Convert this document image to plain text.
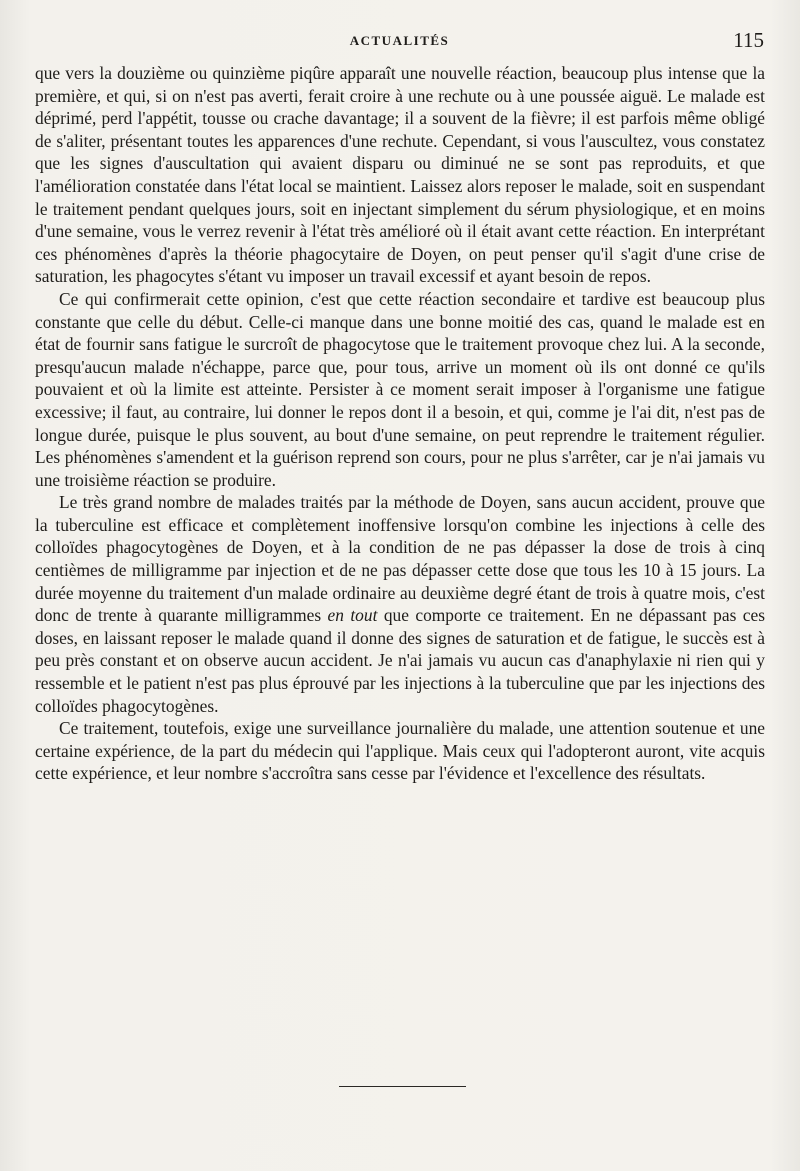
ACTUALITÉS	115

que vers la douzième ou quinzième piqûre apparaît une nouvelle réaction, beaucoup plus intense que la première, et qui, si on n'est pas averti, ferait croire à une rechute ou à une poussée aiguë. Le malade est déprimé, perd l'appétit, tousse ou crache davantage; il a souvent de la fièvre; il est parfois même obligé de s'aliter, présentant toutes les apparences d'une rechute. Cependant, si vous l'auscultez, vous constatez que les signes d'auscultation qui avaient disparu ou diminué ne se sont pas reproduits, et que l'amélioration constatée dans l'état local se maintient. Laissez alors reposer le malade, soit en suspendant le traitement pendant quelques jours, soit en injectant simplement du sérum physiologique, et en moins d'une semaine, vous le verrez revenir à l'état très amélioré où il était avant cette réaction. En interprétant ces phénomènes d'après la théorie phagocytaire de Doyen, on peut penser qu'il s'agit d'une crise de saturation, les phagocytes s'étant vu imposer un travail excessif et ayant besoin de repos.

Ce qui confirmerait cette opinion, c'est que cette réaction secondaire et tardive est beaucoup plus constante que celle du début. Celle-ci manque dans une bonne moitié des cas, quand le malade est en état de fournir sans fatigue le surcroît de phagocytose que le traitement provoque chez lui. A la seconde, presqu'aucun malade n'échappe, parce que, pour tous, arrive un moment où ils ont donné ce qu'ils pouvaient et où la limite est atteinte. Persister à ce moment serait imposer à l'organisme une fatigue excessive; il faut, au contraire, lui donner le repos dont il a besoin, et qui, comme je l'ai dit, n'est pas de longue durée, puisque le plus souvent, au bout d'une semaine, on peut reprendre le traitement régulier. Les phénomènes s'amendent et la guérison reprend son cours, pour ne plus s'arrêter, car je n'ai jamais vu une troisième réaction se produire.

Le très grand nombre de malades traités par la méthode de Doyen, sans aucun accident, prouve que la tuberculine est efficace et complètement inoffensive lorsqu'on combine les injections à celle des colloïdes phagocytogènes de Doyen, et à la condition de ne pas dépasser la dose de trois à cinq centièmes de milligramme par injection et de ne pas dépasser cette dose que tous les 10 à 15 jours. La durée moyenne du traitement d'un malade ordinaire au deuxième degré étant de trois à quatre mois, c'est donc de trente à quarante milligrammes en tout que comporte ce traitement. En ne dépassant pas ces doses, en laissant reposer le malade quand il donne des signes de saturation et de fatigue, le succès est à peu près constant et on observe aucun accident. Je n'ai jamais vu aucun cas d'anaphylaxie ni rien qui y ressemble et le patient n'est pas plus éprouvé par les injections à la tuberculine que par les injections des colloïdes phagocytogènes.

Ce traitement, toutefois, exige une surveillance journalière du malade, une attention soutenue et une certaine expérience, de la part du médecin qui l'applique. Mais ceux qui l'adopteront auront, vite acquis cette expérience, et leur nombre s'accroîtra sans cesse par l'évidence et l'excellence des résultats.
